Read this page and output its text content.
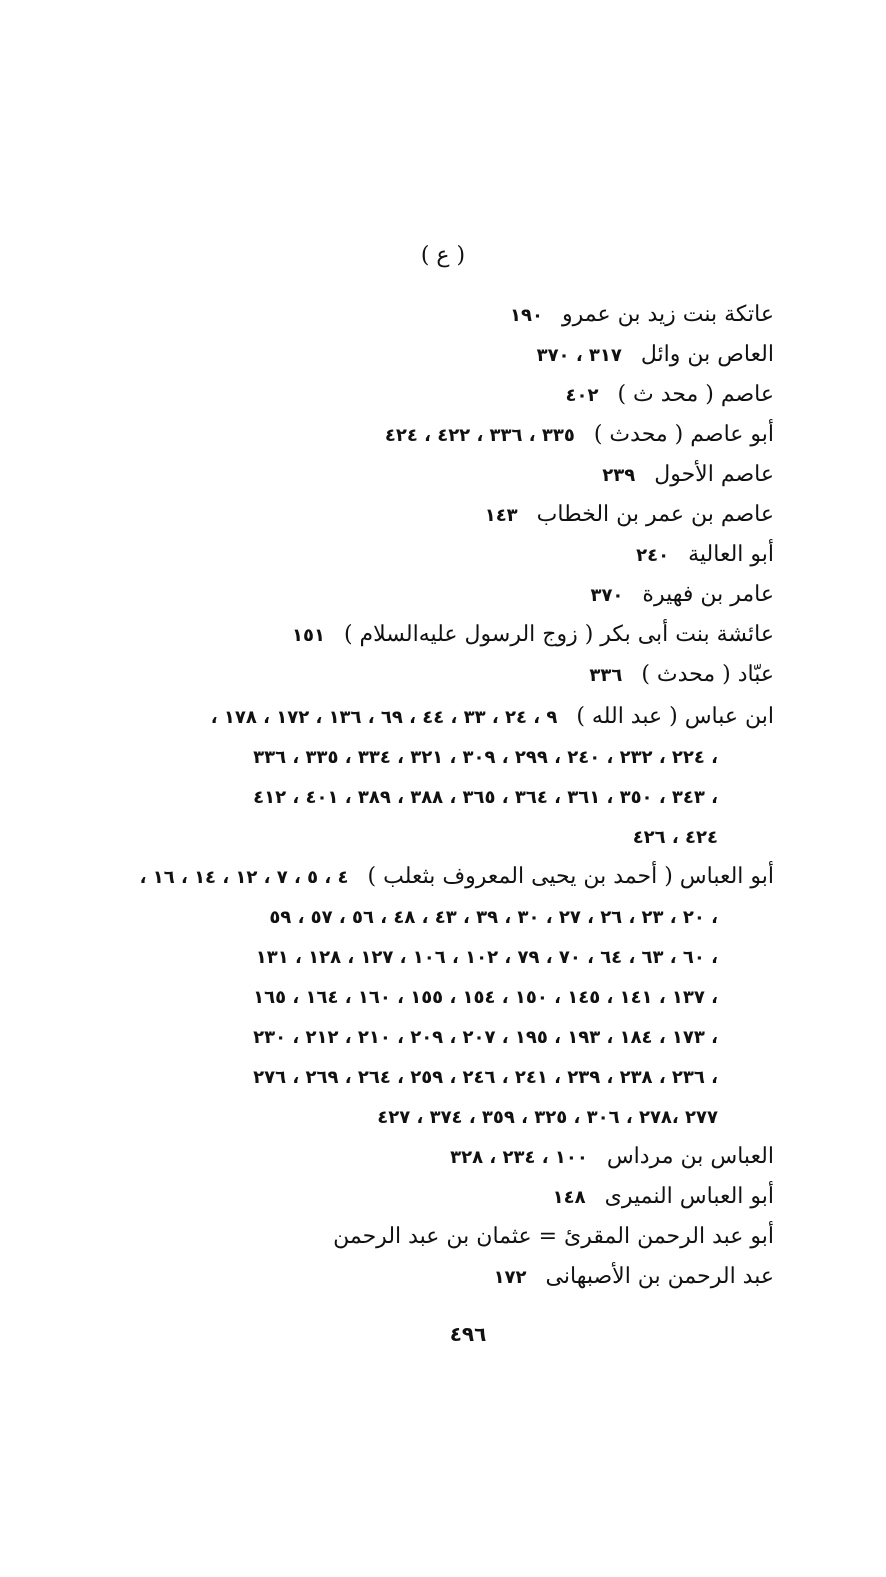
( ع )
عاتكة بنت زيد بن عمرو ١٩٠
العاص بن وائل ٣١٧ ، ٣٧٠
عاصم ( محد ث ) ٤٠٢
أبو عاصم ( محدث ) ٣٣٥ ، ٣٣٦ ، ٤٢٢ ، ٤٢٤
عاصم الأحول ٢٣٩
عاصم بن عمر بن الخطاب ١٤٣
أبو العالية ٢٤٠
عامر بن فهيرة ٣٧٠
عائشة بنت أبى بكر ( زوج الرسول عليه‌السلام ) ١٥١
عبّاد ( محدث ) ٣٣٦
ابن عباس ( عبد الله ) ٩ ، ٢٤ ، ٣٣ ، ٤٤ ، ٦٩ ، ١٣٦ ، ١٧٢ ، ١٧٨ ،
٢٢٤ ، ٢٣٢ ، ٢٤٠ ، ٢٩٩ ، ٣٠٩ ، ٣٢١ ، ٣٣٤ ، ٣٣٥ ، ٣٣٦ ،
٣٤٣ ، ٣٥٠ ، ٣٦١ ، ٣٦٤ ، ٣٦٥ ، ٣٨٨ ، ٣٨٩ ، ٤٠١ ، ٤١٢ ،
٤٢٤ ، ٤٢٦
أبو العباس ( أحمد بن يحيى المعروف بثعلب ) ٤ ، ٥ ، ٧ ، ١٢ ، ١٤ ، ١٦ ،
٢٠ ، ٢٣ ، ٢٦ ، ٢٧ ، ٣٠ ، ٣٩ ، ٤٣ ، ٤٨ ، ٥٦ ، ٥٧ ، ٥٩ ،
٦٠ ، ٦٣ ، ٦٤ ، ٧٠ ، ٧٩ ، ١٠٢ ، ١٠٦ ، ١٢٧ ، ١٢٨ ، ١٣١ ،
١٣٧ ، ١٤١ ، ١٤٥ ، ١٥٠ ، ١٥٤ ، ١٥٥ ، ١٦٠ ، ١٦٤ ، ١٦٥ ،
١٧٣ ، ١٨٤ ، ١٩٣ ، ١٩٥ ، ٢٠٧ ، ٢٠٩ ، ٢١٠ ، ٢١٢ ، ٢٣٠ ،
٢٣٦ ، ٢٣٨ ، ٢٣٩ ، ٢٤١ ، ٢٤٦ ، ٢٥٩ ، ٢٦٤ ، ٢٦٩ ، ٢٧٦ ،
٢٧٧ ،٢٧٨ ، ٣٠٦ ، ٣٢٥ ، ٣٥٩ ، ٣٧٤ ، ٤٢٧
العباس بن مرداس ١٠٠ ، ٢٣٤ ، ٣٢٨
أبو العباس النميرى ١٤٨
أبو عبد الرحمن المقرئ = عثمان بن عبد الرحمن
عبد الرحمن بن الأصبهانى ١٧٢
٤٩٦
